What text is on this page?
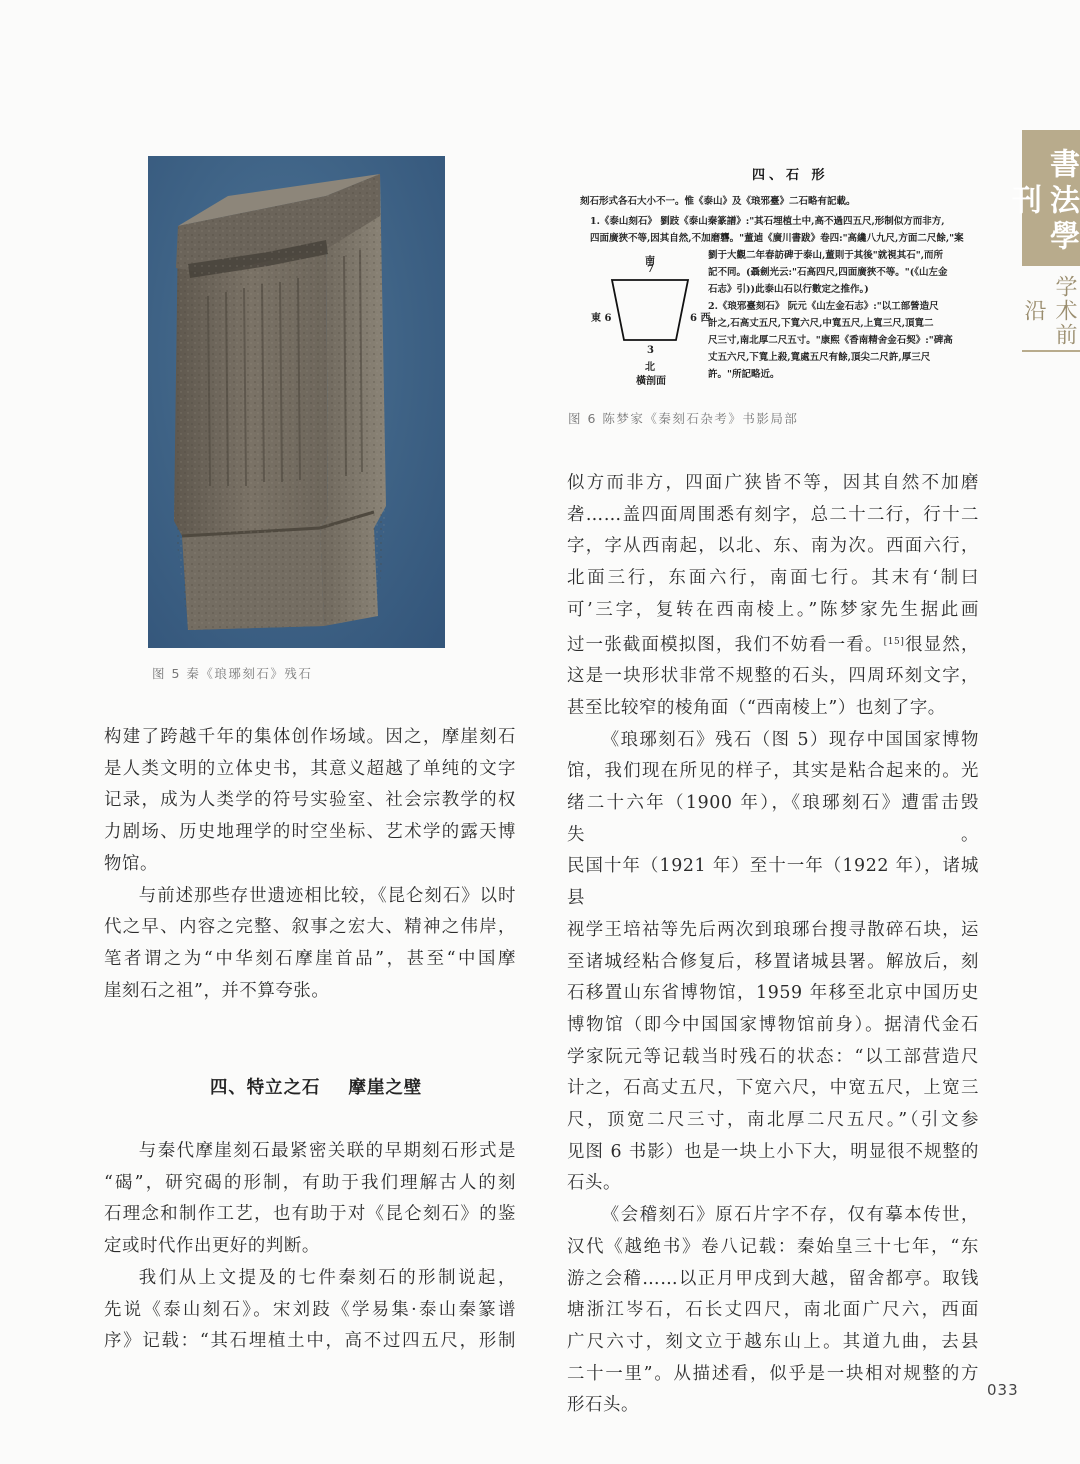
書法學刊
学术前沿
图 5 秦《琅琊刻石》残石
四、石 形
刻石形式各石大小不一。惟《泰山》及《琅邪臺》二石略有記載。
1.《泰山刻石》 劉跂《泰山秦篆譜》:"其石埋植土中,高不過四五尺,形制似方而非方,
四面廣狹不等,因其自然,不加磨礱。"董逌《廣川書跋》卷四:"高纔八九尺,方面二尺餘,"案
劉于大觀二年春訪碑于泰山,董則于其後"就視其石",而所
記不同。(聶劍光云:"石高四尺,四面廣狹不等。"(《山左金
石志》引))此泰山石以行數定之推作。)
2.《琅邪臺刻石》 阮元《山左金石志》:"以工部營造尺
計之,石高丈五尺,下寬六尺,中寬五尺,上寬三尺,頂寬二
尺三寸,南北厚二尺五寸。"康熙《香南精舍金石契》:"碑高
丈五六尺,下寬上殺,寬處五尺有餘,頂尖二尺許,厚三尺
許。"所記略近。
南
7
東 6	6 西
3
北
橫剖面
图 6 陈梦家《秦刻石杂考》书影局部

构建了跨越千年的集体创作场域。因之，摩崖刻石

是人类文明的立体史书，其意义超越了单纯的文字

记录，成为人类学的符号实验室、社会宗教学的权

力剧场、历史地理学的时空坐标、艺术学的露天博

物馆。

与前述那些存世遗迹相比较，《昆仑刻石》以时

代之早、内容之完整、叙事之宏大、精神之伟岸，

笔者谓之为“中华刻石摩崖首品”，甚至“中国摩

崖刻石之祖”，并不算夸张。

四、特立之石    摩崖之壁

与秦代摩崖刻石最紧密关联的早期刻石形式是

“碣”，研究碣的形制，有助于我们理解古人的刻

石理念和制作工艺，也有助于对《昆仑刻石》的鉴

定或时代作出更好的判断。

我们从上文提及的七件秦刻石的形制说起，

先说《泰山刻石》。宋刘跂《学易集·泰山秦篆谱

序》记载：“其石埋植土中，高不过四五尺，形制

似方而非方，四面广狭皆不等，因其自然不加磨

砻……盖四面周围悉有刻字，总二十二行，行十二

字，字从西南起，以北、东、南为次。西面六行，

北面三行，东面六行，南面七行。其末有‘制曰

可’三字，复转在西南棱上。”陈梦家先生据此画

过一张截面模拟图，我们不妨看一看。[15]很显然，

这是一块形状非常不规整的石头，四周环刻文字，

甚至比较窄的棱角面（“西南棱上”）也刻了字。

《琅琊刻石》残石（图 5）现存中国国家博物

馆，我们现在所见的样子，其实是粘合起来的。光

绪二十六年（1900 年），《琅琊刻石》遭雷击毁失。

民国十年（1921 年）至十一年（1922 年），诸城县

视学王培祜等先后两次到琅琊台搜寻散碎石块，运

至诸城经粘合修复后，移置诸城县署。解放后，刻

石移置山东省博物馆，1959 年移至北京中国历史

博物馆（即今中国国家博物馆前身）。据清代金石

学家阮元等记载当时残石的状态：“以工部营造尺

计之，石高丈五尺，下宽六尺，中宽五尺，上宽三

尺，顶宽二尺三寸，南北厚二尺五尺。”（引文参

见图 6 书影）也是一块上小下大，明显很不规整的

石头。

《会稽刻石》原石片字不存，仅有摹本传世，

汉代《越绝书》卷八记载：秦始皇三十七年，“东

游之会稽……以正月甲戌到大越，留舍都亭。取钱

塘浙江岑石，石长丈四尺，南北面广尺六，西面

广尺六寸，刻文立于越东山上。其道九曲，去县

二十一里”。从描述看，似乎是一块相对规整的方

形石头。

033
